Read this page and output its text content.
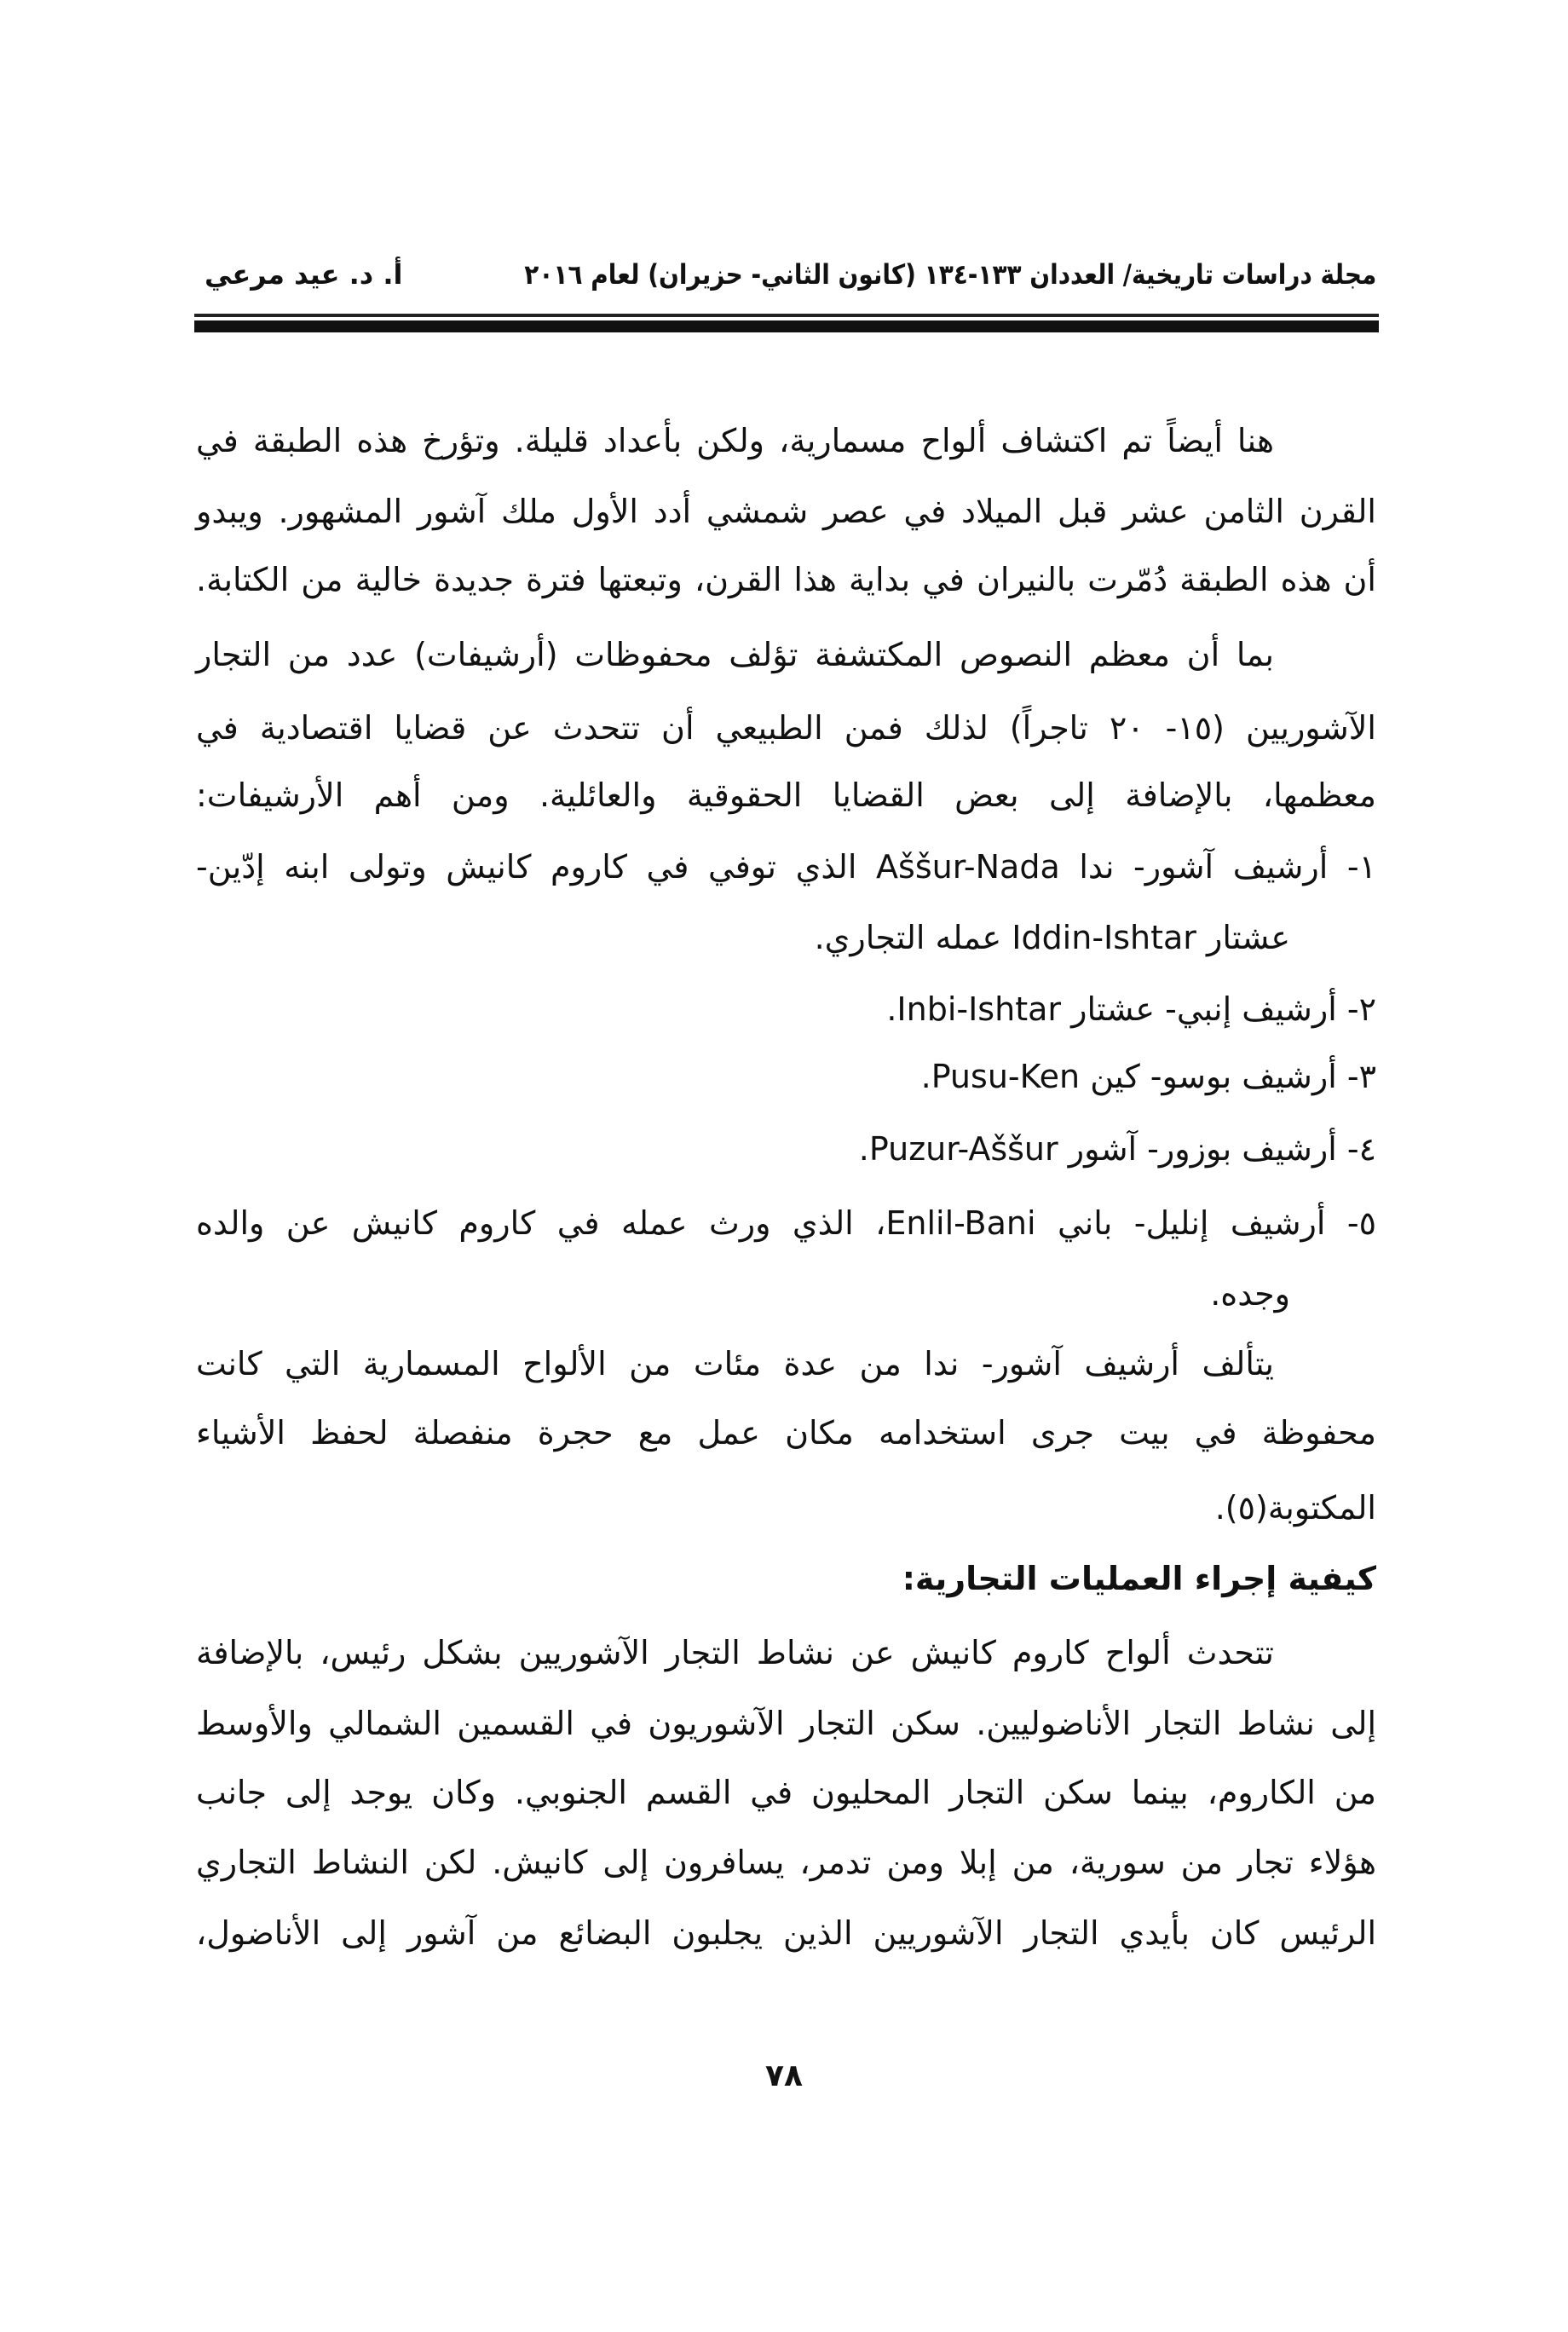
مجلة دراسات تاريخية/ العددان ١٣٣-١٣٤ (كانون الثاني- حزيران) لعام ٢٠١٦
أ. د. عيد مرعي
هنا أيضاً تم اكتشاف ألواح مسمارية، ولكن بأعداد قليلة. وتؤرخ هذه الطبقة في
القرن الثامن عشر قبل الميلاد في عصر شمشي أدد الأول ملك آشور المشهور. ويبدو
أن هذه الطبقة دُمّرت بالنيران في بداية هذا القرن، وتبعتها فترة جديدة خالية من الكتابة.
بما أن معظم النصوص المكتشفة تؤلف محفوظات (أرشيفات) عدد من التجار
الآشوريين (١٥- ٢٠ تاجراً) لذلك فمن الطبيعي أن تتحدث عن قضايا اقتصادية في
معظمها، بالإضافة إلى بعض القضايا الحقوقية والعائلية. ومن أهم الأرشيفات:
١- أرشيف آشور- ندا Aššur-Nada الذي توفي في كاروم كانيش وتولى ابنه إدّين-
عشتار Iddin-Ishtar عمله التجاري.
٢- أرشيف إنبي- عشتار Inbi-Ishtar.
٣- أرشيف بوسو- كين Pusu-Ken.
٤- أرشيف بوزور- آشور Puzur-Aššur.
٥- أرشيف إنليل- باني Enlil-Bani، الذي ورث عمله في كاروم كانيش عن والده
وجده.
يتألف أرشيف آشور- ندا من عدة مئات من الألواح المسمارية التي كانت
محفوظة في بيت جرى استخدامه مكان عمل مع حجرة منفصلة لحفظ الأشياء
المكتوبة(٥).
كيفية إجراء العمليات التجارية:
تتحدث ألواح كاروم كانيش عن نشاط التجار الآشوريين بشكل رئيس، بالإضافة
إلى نشاط التجار الأناضوليين. سكن التجار الآشوريون في القسمين الشمالي والأوسط
من الكاروم، بينما سكن التجار المحليون في القسم الجنوبي. وكان يوجد إلى جانب
هؤلاء تجار من سورية، من إبلا ومن تدمر، يسافرون إلى كانيش. لكن النشاط التجاري
الرئيس كان بأيدي التجار الآشوريين الذين يجلبون البضائع من آشور إلى الأناضول،
٧٨
